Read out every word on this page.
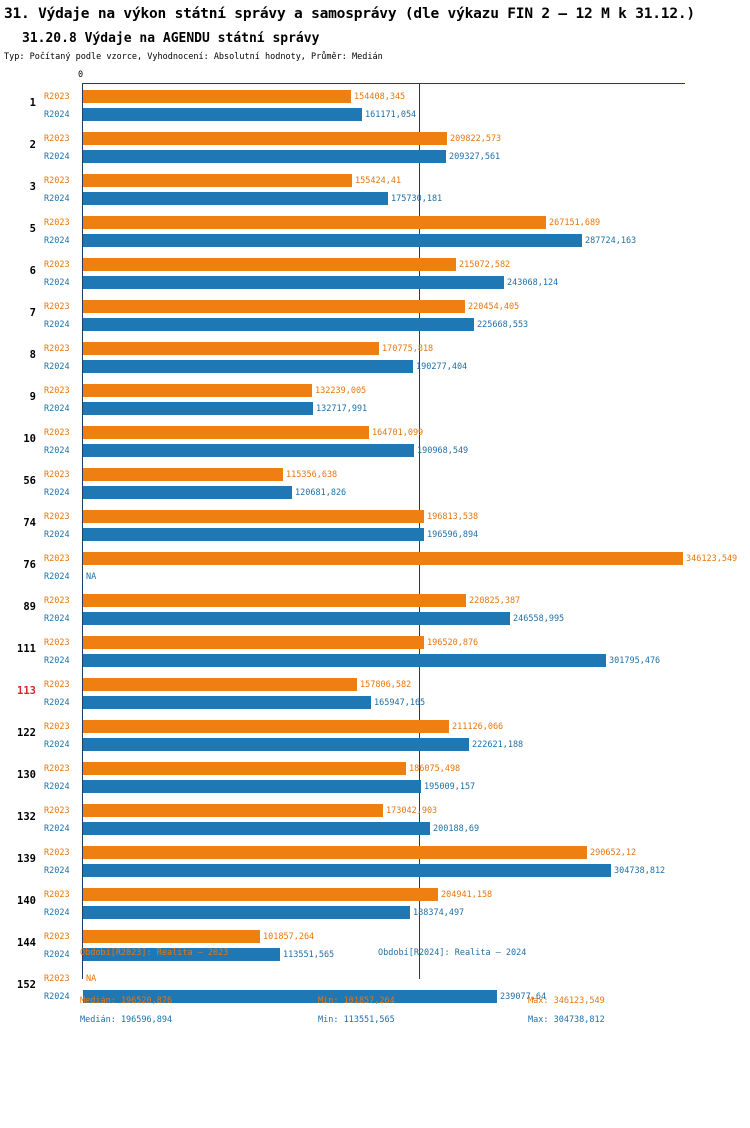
31. Výdaje na výkon státní správy a samosprávy (dle výkazu FIN 2 – 12 M k 31.12.)
31.20.8 Výdaje na AGENDU státní správy
Typ: Počítaný podle vzorce, Vyhodnocení: Absolutní hodnoty, Průměr: Medián
0
1 R2023	154408,345
R2024	161171,054
2 R2023	209822,573
R2024	209327,561
3 R2023	155424,41
R2024	175730,181
5 R2023	267151,689
R2024	287724,163
6 R2023	215072,582
R2024	243068,124
7 R2023	220454,405
R2024	225668,553
8 R2023	170775,818
R2024	190277,404
9 R2023	132239,005
R2024	132717,991
10 R2023	164701,099
R2024	190968,549
56 R2023	115356,638
R2024	120681,826
74 R2023	196813,538
R2024	196596,894
76 R2023	346123,549
R2024 NA
89 R2023	220825,387
R2024	246558,995
111 R2023	196520,876
R2024	301795,476
113 R2023	157806,582
R2024	165947,165
122 R2023	211126,066
R2024	222621,188
130 R2023	186075,498
R2024	195009,157
132 R2023	173042,903
R2024	200188,69
139 R2023	290652,12
R2024	304738,812
140 R2023	204941,158
R2024	188374,497
144 R2023	101857,264
R2024	113551,565
152 R2023 NA
R2024	239077,64
Období[R2023]: Realita – 2023	Období[R2024]: Realita – 2024
Medián: 196520,876	Min: 101857,264	Max: 346123,549
Medián: 196596,894	Min: 113551,565	Max: 304738,812
